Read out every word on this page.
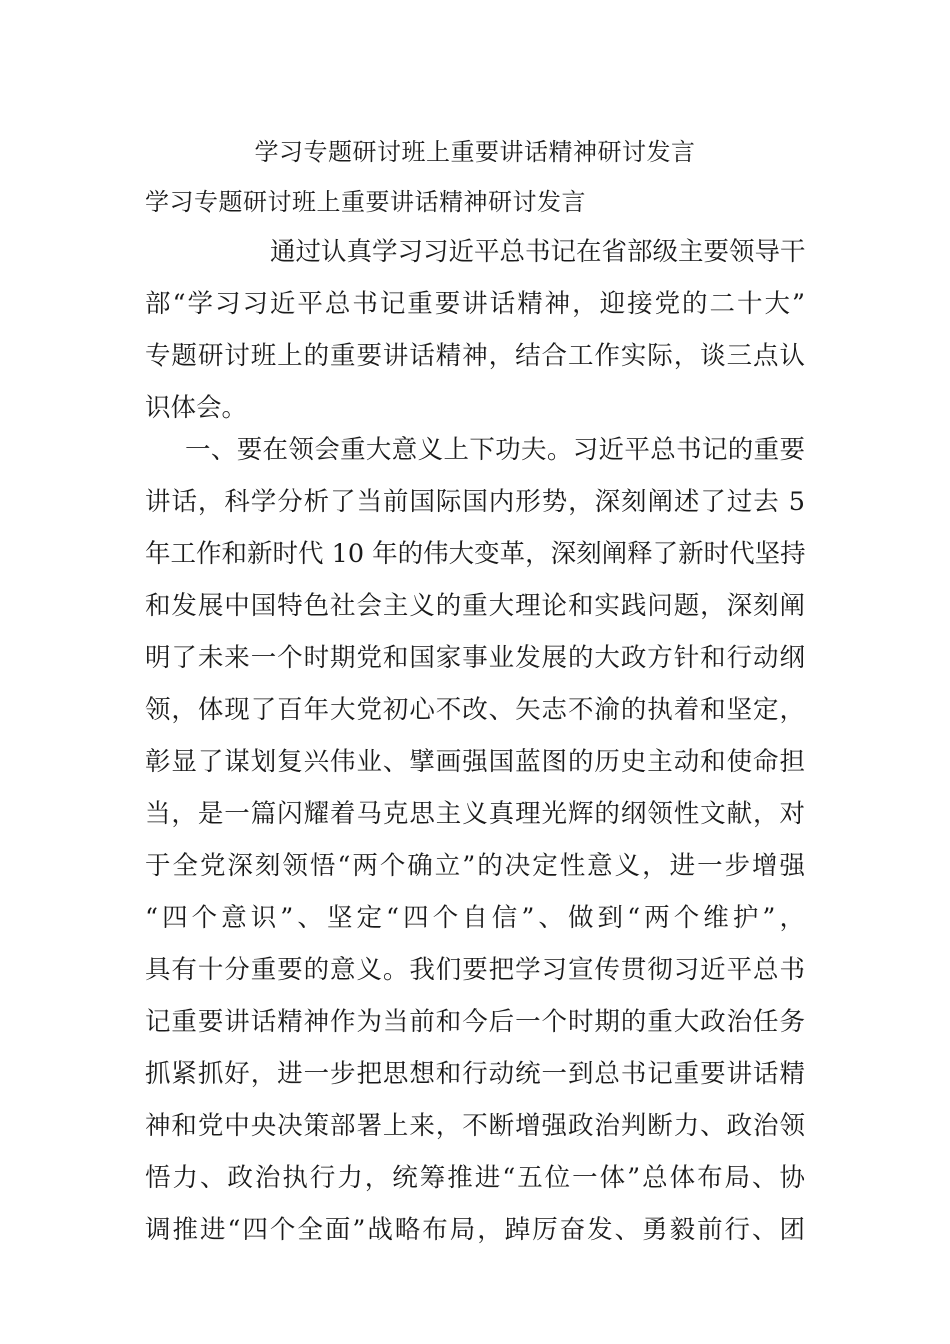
学习专题研讨班上重要讲话精神研讨发言
学习专题研讨班上重要讲话精神研讨发言
通过认真学习习近平总书记在省部级主要领导干
部“学习习近平总书记重要讲话精神，迎接党的二十大”
专题研讨班上的重要讲话精神，结合工作实际，谈三点认
识体会。
一、要在领会重大意义上下功夫。习近平总书记的重要
讲话，科学分析了当前国际国内形势，深刻阐述了过去 5
年工作和新时代 10 年的伟大变革，深刻阐释了新时代坚持
和发展中国特色社会主义的重大理论和实践问题，深刻阐
明了未来一个时期党和国家事业发展的大政方针和行动纲
领，体现了百年大党初心不改、矢志不渝的执着和坚定，
彰显了谋划复兴伟业、擘画强国蓝图的历史主动和使命担
当，是一篇闪耀着马克思主义真理光辉的纲领性文献，对
于全党深刻领悟“两个确立”的决定性意义，进一步增强
“四个意识”、坚定“四个自信”、做到“两个维护”，
具有十分重要的意义。我们要把学习宣传贯彻习近平总书
记重要讲话精神作为当前和今后一个时期的重大政治任务
抓紧抓好，进一步把思想和行动统一到总书记重要讲话精
神和党中央决策部署上来，不断增强政治判断力、政治领
悟力、政治执行力，统筹推进“五位一体”总体布局、协
调推进“四个全面”战略布局，踔厉奋发、勇毅前行、团
